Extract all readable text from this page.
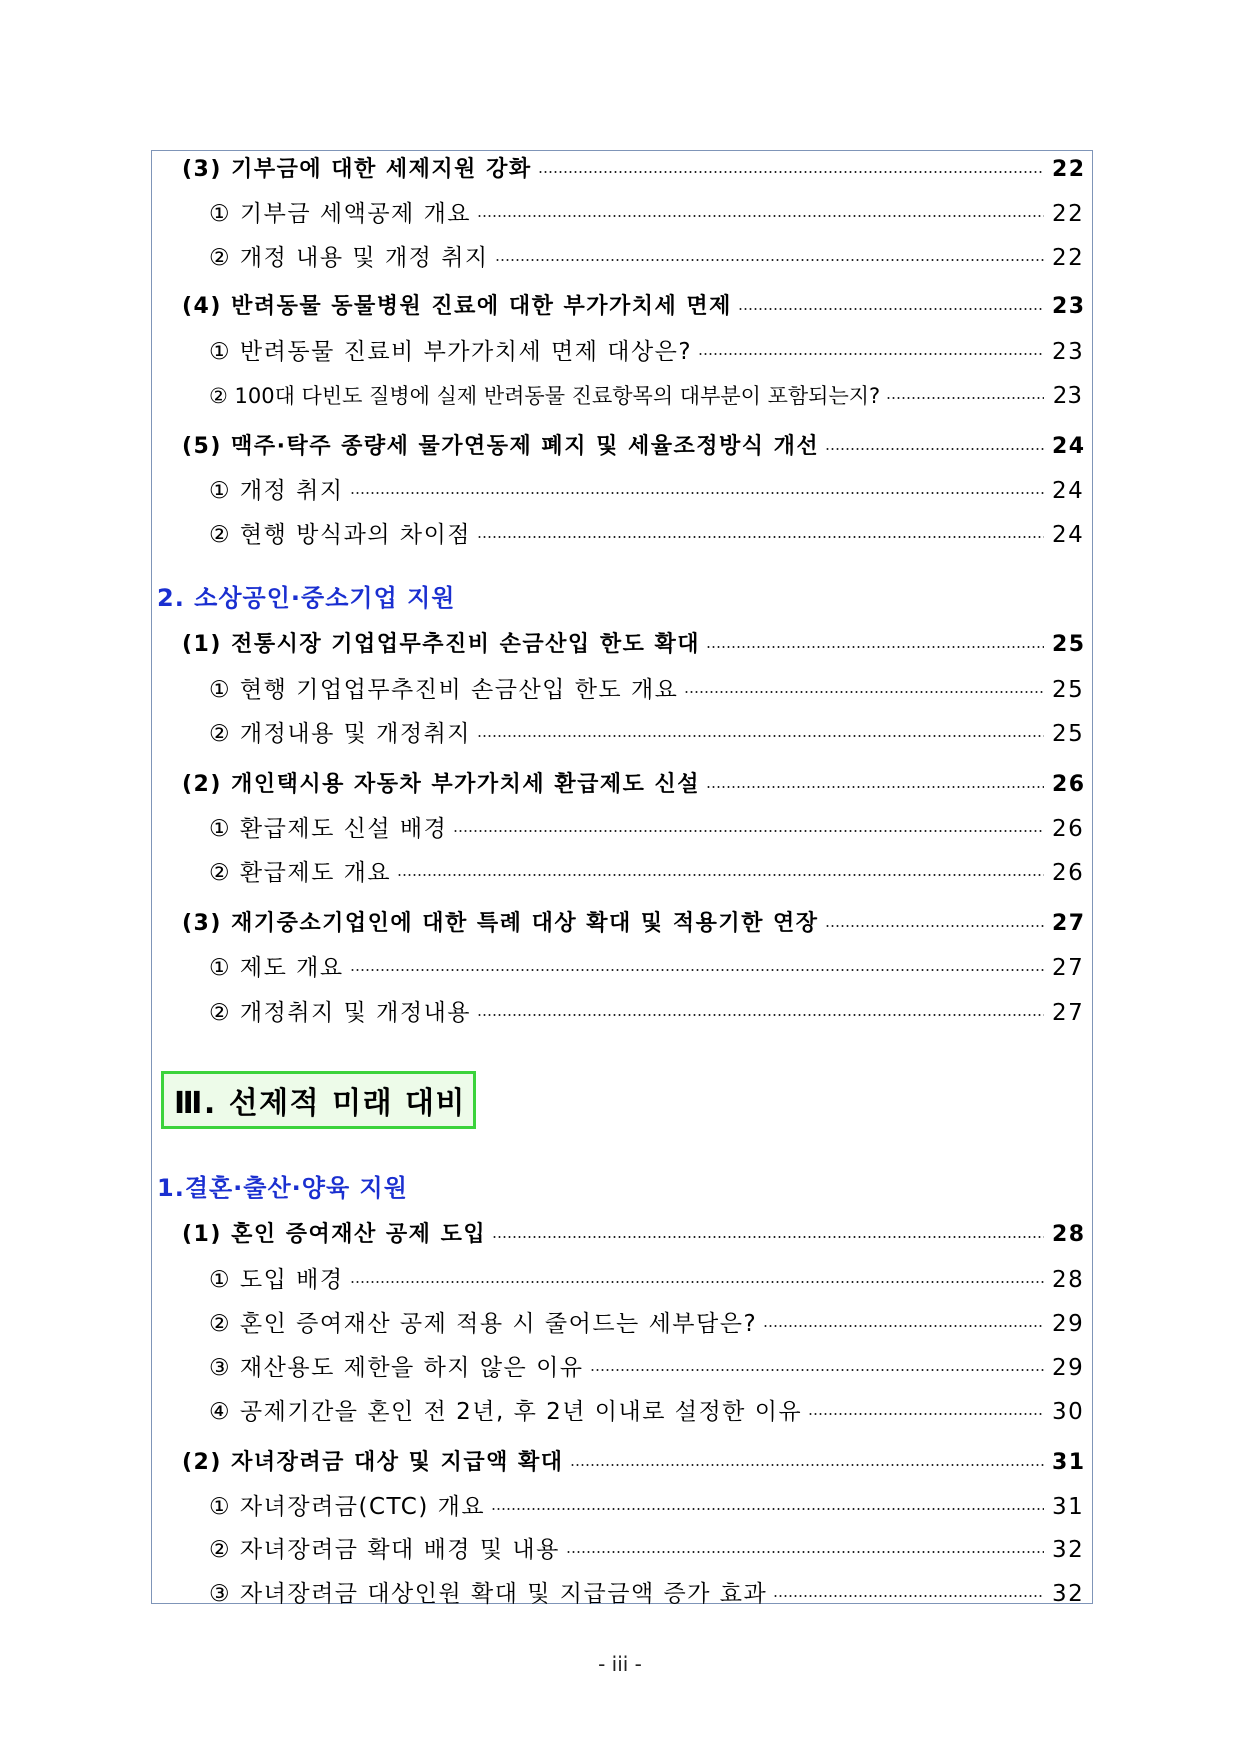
(3) 기부금에 대한 세제지원 강화	22
① 기부금 세액공제 개요	22
② 개정 내용 및 개정 취지	22
(4) 반려동물 동물병원 진료에 대한 부가가치세 면제	23
① 반려동물 진료비 부가가치세 면제 대상은?	23
② 100대 다빈도 질병에 실제 반려동물 진료항목의 대부분이 포함되는지?	23
(5) 맥주·탁주 종량세 물가연동제 폐지 및 세율조정방식 개선	24
① 개정 취지	24
② 현행 방식과의 차이점	24
2. 소상공인·중소기업 지원
(1) 전통시장 기업업무추진비 손금산입 한도 확대	25
① 현행 기업업무추진비 손금산입 한도 개요	25
② 개정내용 및 개정취지	25
(2) 개인택시용 자동차 부가가치세 환급제도 신설	26
① 환급제도 신설 배경	26
② 환급제도 개요	26
(3) 재기중소기업인에 대한 특례 대상 확대 및 적용기한 연장	27
① 제도 개요	27
② 개정취지 및 개정내용	27
Ⅲ. 선제적 미래 대비
1.결혼·출산·양육 지원
(1) 혼인 증여재산 공제 도입	28
① 도입 배경	28
② 혼인 증여재산 공제 적용 시 줄어드는 세부담은?	29
③ 재산용도 제한을 하지 않은 이유	29
④ 공제기간을 혼인 전 2년, 후 2년 이내로 설정한 이유	30
(2) 자녀장려금 대상 및 지급액 확대	31
① 자녀장려금(CTC) 개요	31
② 자녀장려금 확대 배경 및 내용	32
③ 자녀장려금 대상인원 확대 및 지급금액 증가 효과	32
- iii -
